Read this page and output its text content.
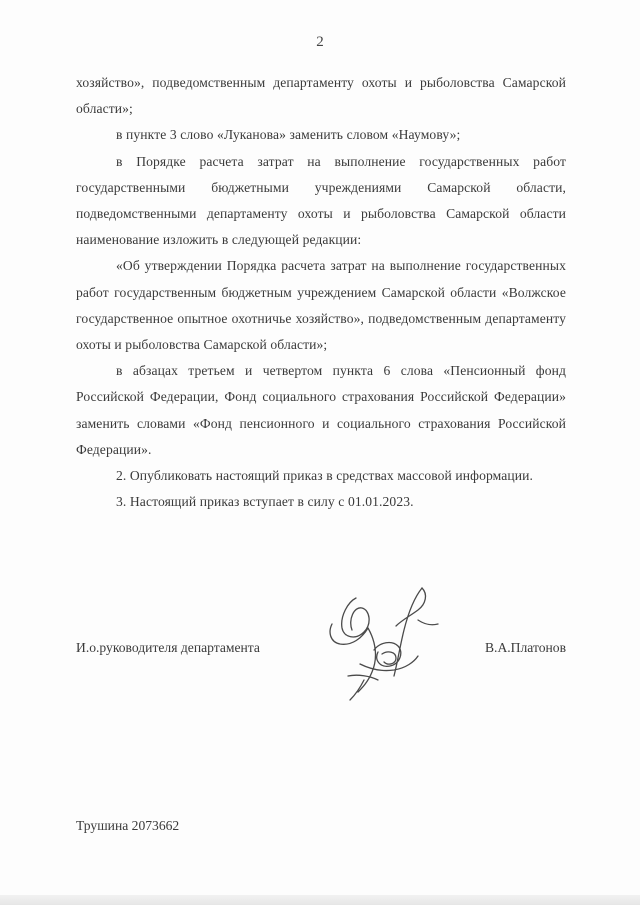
2

хозяйство», подведомственным департаменту охоты и рыболовства Самарской области»;

в пункте 3 слово «Луканова» заменить словом «Наумову»;

в Порядке расчета затрат на выполнение государственных работ государственными бюджетными учреждениями Самарской области, подведомственными департаменту охоты и рыболовства Самарской области наименование изложить в следующей редакции:

«Об утверждении Порядка расчета затрат на выполнение государственных работ государственным бюджетным учреждением Самарской области «Волжское государственное опытное охотничье хозяйство», подведомственным департаменту охоты и рыболовства Самарской области»;

в абзацах третьем и четвертом пункта 6 слова «Пенсионный фонд Российской Федерации, Фонд социального страхования Российской Федерации» заменить словами «Фонд пенсионного и социального страхования Российской Федерации».

2. Опубликовать настоящий приказ в средствах массовой информации.

3. Настоящий приказ вступает в силу с 01.01.2023.

И.о.руководителя департамента	В.А.Платонов
Трушина 2073662
